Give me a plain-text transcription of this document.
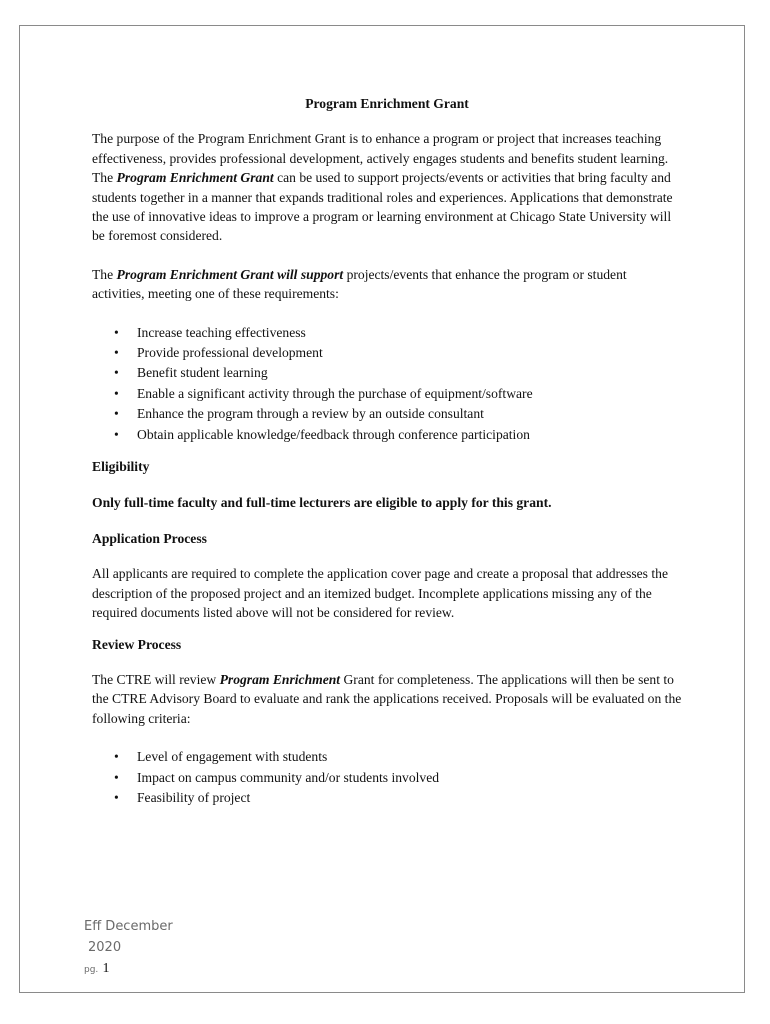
Program Enrichment Grant

The purpose of the Program Enrichment Grant is to enhance a program or project that increases teaching effectiveness, provides professional development, actively engages students and benefits student learning. The Program Enrichment Grant can be used to support projects/events or activities that bring faculty and students together in a manner that expands traditional roles and experiences. Applications that demonstrate the use of innovative ideas to improve a program or learning environment at Chicago State University will be foremost considered.

The Program Enrichment Grant will support projects/events that enhance the program or student activities, meeting one of these requirements:

• Increase teaching effectiveness
• Provide professional development
• Benefit student learning
• Enable a significant activity through the purchase of equipment/software
• Enhance the program through a review by an outside consultant
• Obtain applicable knowledge/feedback through conference participation
Eligibility

Only full-time faculty and full-time lecturers are eligible to apply for this grant.

Application Process

All applicants are required to complete the application cover page and create a proposal that addresses the description of the proposed project and an itemized budget. Incomplete applications missing any of the required documents listed above will not be considered for review.

Review Process

The CTRE will review Program Enrichment Grant for completeness. The applications will then be sent to the CTRE Advisory Board to evaluate and rank the applications received. Proposals will be evaluated on the following criteria:

• Level of engagement with students
• Impact on campus community and/or students involved
• Feasibility of project
Eff December
2020
pg. 1
